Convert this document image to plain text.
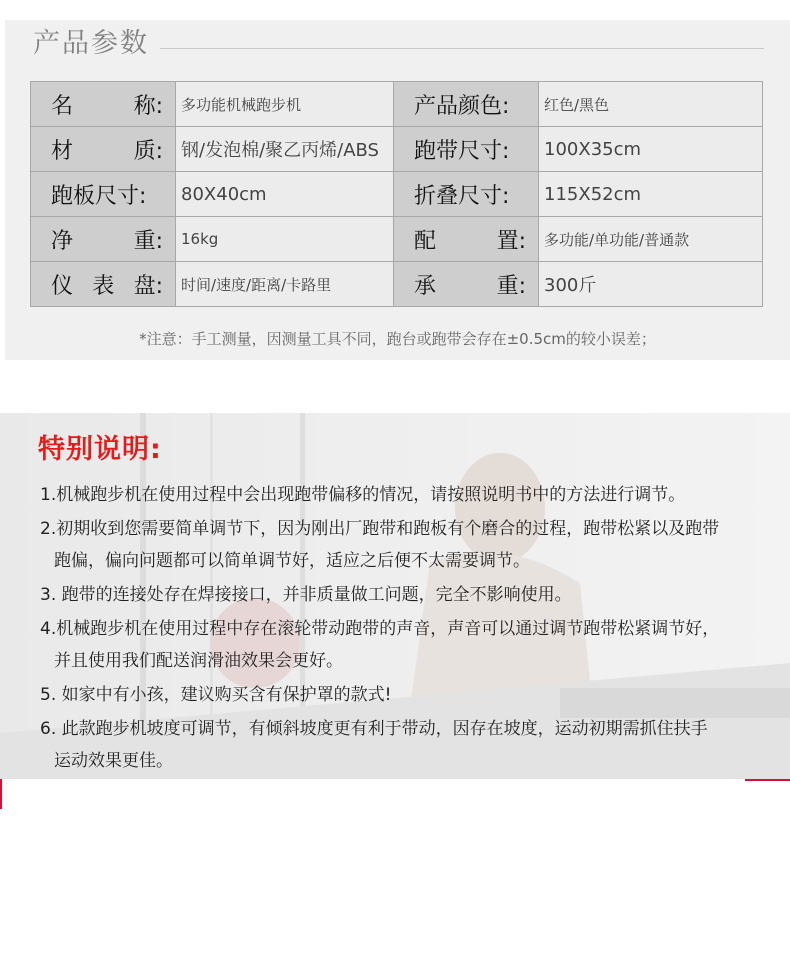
产品参数
名 称:	多功能机械跑步机	产品颜色:	红色/黑色

材 质:	钢/发泡棉/聚乙丙烯/ABS	跑带尺寸:	100X35cm

跑板尺寸:	80X40cm	折叠尺寸:	115X52cm

净 重:	16kg	配 置:	多功能/单功能/普通款

仪 表 盘:	时间/速度/距离/卡路里	承 重:	300斤
*注意：手工测量，因测量工具不同，跑台或跑带会存在±0.5cm的较小误差；
特别说明:
1.机械跑步机在使用过程中会出现跑带偏移的情况，请按照说明书中的方法进行调节。
2.初期收到您需要简单调节下，因为刚出厂跑带和跑板有个磨合的过程，跑带松紧以及跑带
跑偏，偏向问题都可以简单调节好，适应之后便不太需要调节。
3. 跑带的连接处存在焊接接口，并非质量做工问题，完全不影响使用。
4.机械跑步机在使用过程中存在滚轮带动跑带的声音，声音可以通过调节跑带松紧调节好，
并且使用我们配送润滑油效果会更好。
5. 如家中有小孩，建议购买含有保护罩的款式!
6. 此款跑步机坡度可调节，有倾斜坡度更有利于带动，因存在坡度，运动初期需抓住扶手
运动效果更佳。
